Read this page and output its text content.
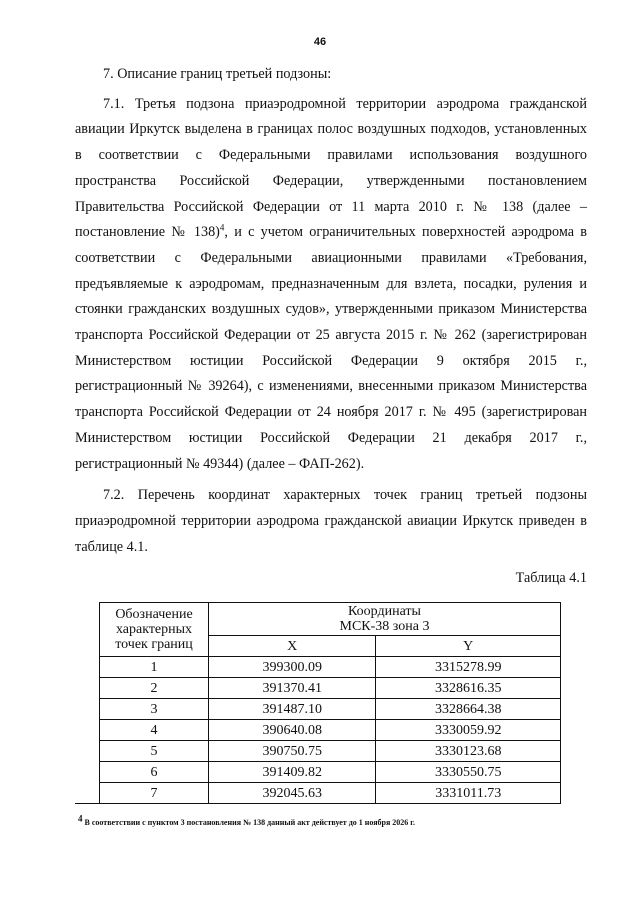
46

7. Описание границ третьей подзоны:

7.1. Третья подзона приаэродромной территории аэродрома гражданской авиации Иркутск выделена в границах полос воздушных подходов, установленных в соответствии с Федеральными правилами использования воздушного пространства Российской Федерации, утвержденными постановлением Правительства Российской Федерации от 11 марта 2010 г. № 138 (далее – постановление № 138)$^4$, и с учетом ограничительных поверхностей аэродрома в соответствии с Федеральными авиационными правилами «Требования, предъявляемые к аэродромам, предназначенным для взлета, посадки, руления и стоянки гражданских воздушных судов», утвержденными приказом Министерства транспорта Российской Федерации от 25 августа 2015 г. № 262 (зарегистрирован Министерством юстиции Российской Федерации 9 октября 2015 г., регистрационный № 39264), с изменениями, внесенными приказом Министерства транспорта Российской Федерации от 24 ноября 2017 г. № 495 (зарегистрирован Министерством юстиции Российской Федерации 21 декабря 2017 г., регистрационный № 49344) (далее – ФАП-262).

7.2. Перечень координат характерных точек границ третьей подзоны приаэродромной территории аэродрома гражданской авиации Иркутск приведен в таблице 4.1.

Таблица 4.1
Обозначение характерных точек границ	Координаты
МСК-38 зона 3	
	X	Y
1	399300.09	3315278.99
2	391370.41	3328616.35
3	391487.10	3328664.38
4	390640.08	3330059.92
5	390750.75	3330123.68
6	391409.82	3330550.75
7	392045.63	3331011.73
$^4$ В соответствии с пунктом 3 постановления № 138 данный акт действует до 1 ноября 2026 г.
